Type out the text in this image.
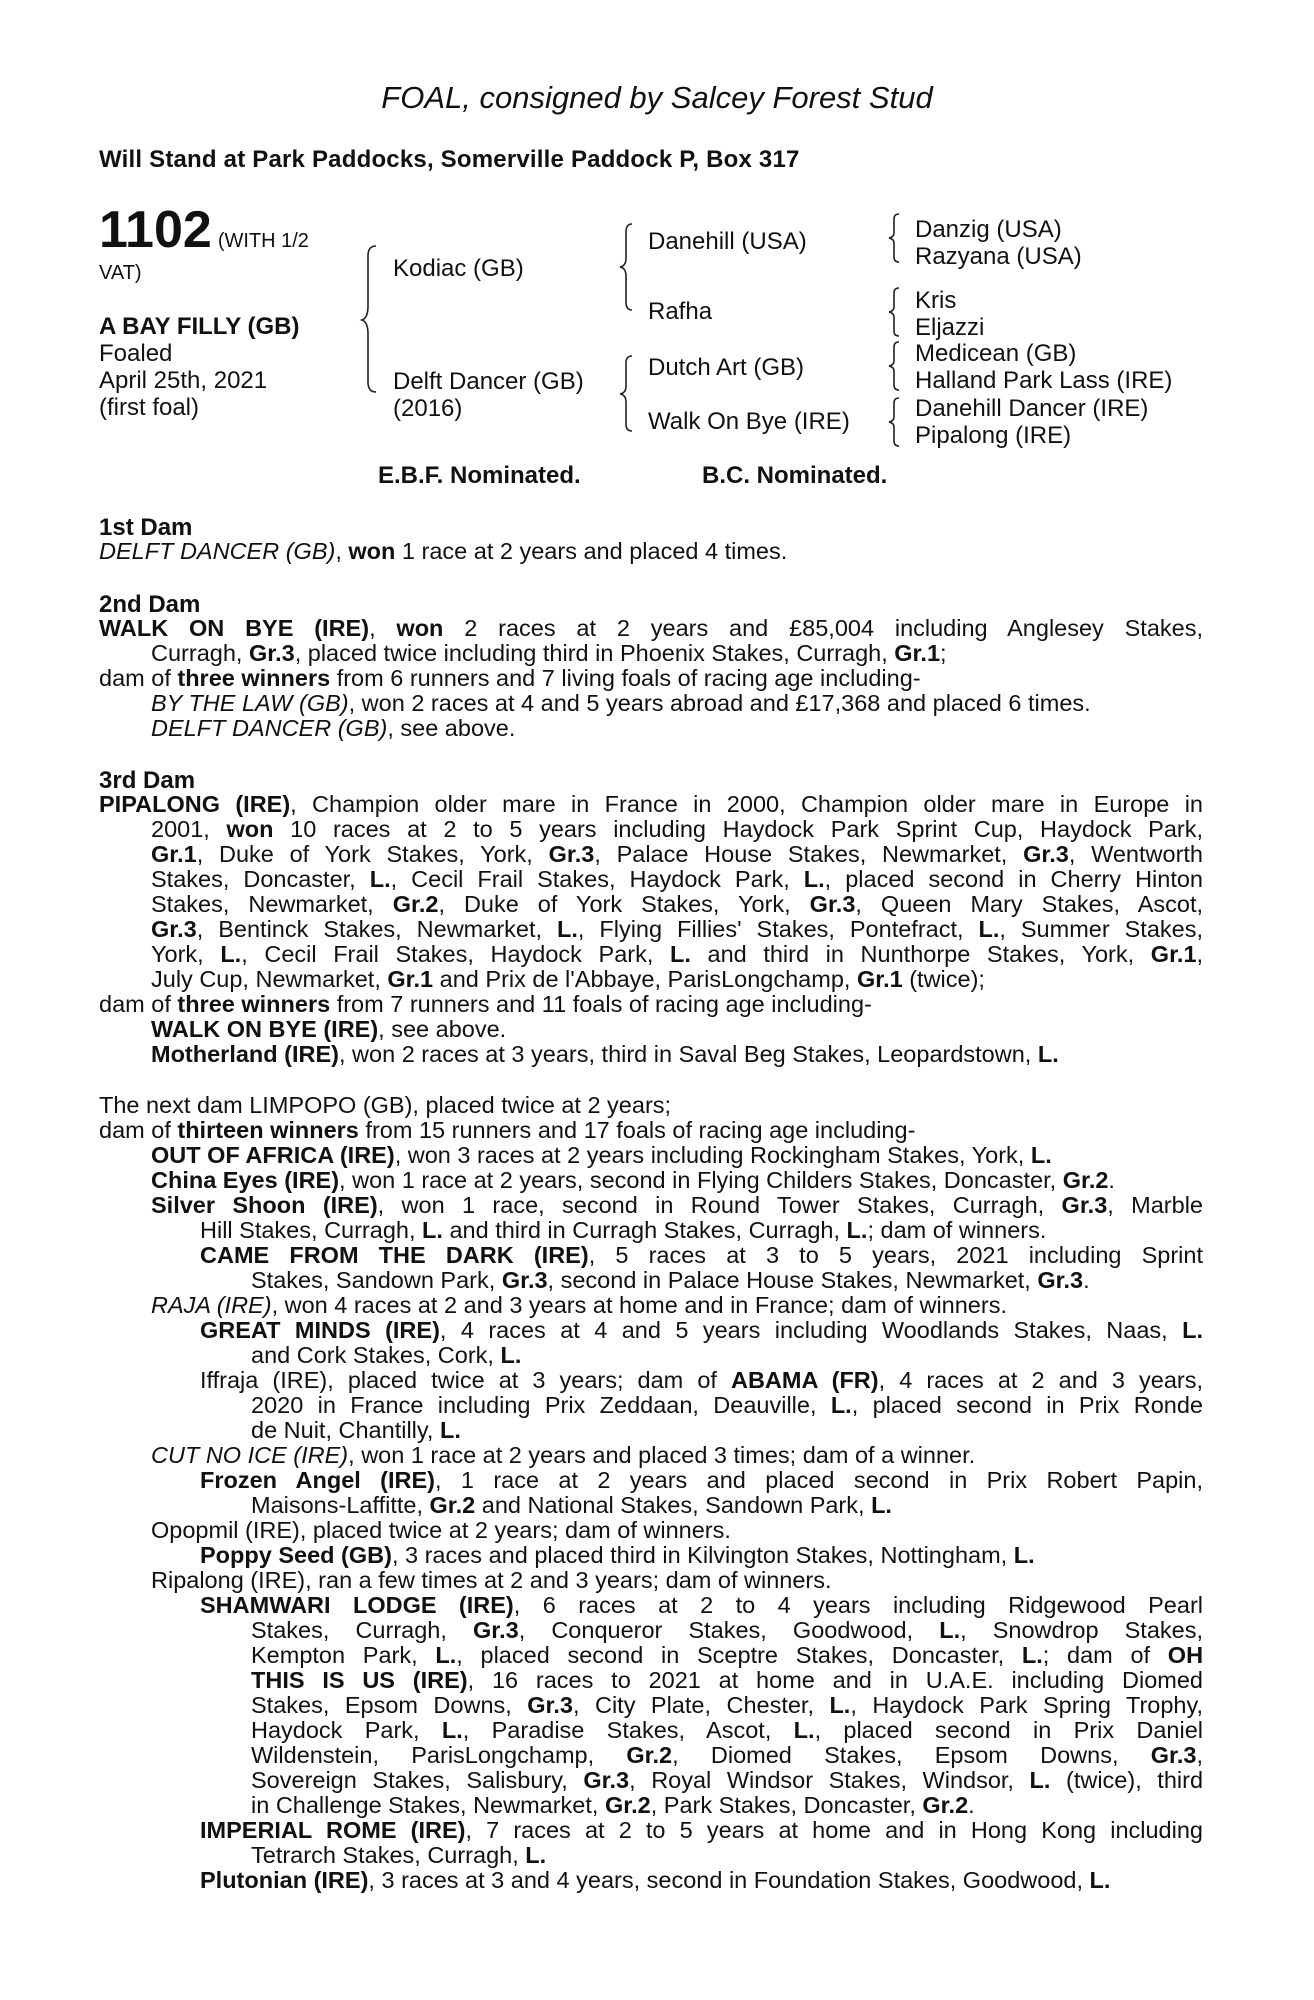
FOAL, consigned by Salcey Forest Stud
Will Stand at Park Paddocks, Somerville Paddock P, Box 317
1102 (WITH 1/2
VAT)
A BAY FILLY (GB)
Foaled
April 25th, 2021
(first foal)
Kodiac (GB)
Delft Dancer (GB)
(2016)
Danehill (USA)
Rafha
Dutch Art (GB)
Walk On Bye (IRE)
Danzig (USA)
Razyana (USA)
Kris
Eljazzi
Medicean (GB)
Halland Park Lass (IRE)
Danehill Dancer (IRE)
Pipalong (IRE)
E.B.F. Nominated.	B.C. Nominated.
1st Dam
DELFT DANCER (GB), won 1 race at 2 years and placed 4 times.
2nd Dam
WALK ON BYE (IRE), won 2 races at 2 years and £85,004 including Anglesey Stakes,
Curragh, Gr.3, placed twice including third in Phoenix Stakes, Curragh, Gr.1;
dam of three winners from 6 runners and 7 living foals of racing age including-
BY THE LAW (GB), won 2 races at 4 and 5 years abroad and £17,368 and placed 6 times.
DELFT DANCER (GB), see above.
3rd Dam
PIPALONG (IRE), Champion older mare in France in 2000, Champion older mare in Europe in
2001, won 10 races at 2 to 5 years including Haydock Park Sprint Cup, Haydock Park,
Gr.1, Duke of York Stakes, York, Gr.3, Palace House Stakes, Newmarket, Gr.3, Wentworth
Stakes, Doncaster, L., Cecil Frail Stakes, Haydock Park, L., placed second in Cherry Hinton
Stakes, Newmarket, Gr.2, Duke of York Stakes, York, Gr.3, Queen Mary Stakes, Ascot,
Gr.3, Bentinck Stakes, Newmarket, L., Flying Fillies' Stakes, Pontefract, L., Summer Stakes,
York, L., Cecil Frail Stakes, Haydock Park, L. and third in Nunthorpe Stakes, York, Gr.1,
July Cup, Newmarket, Gr.1 and Prix de l'Abbaye, ParisLongchamp, Gr.1 (twice);
dam of three winners from 7 runners and 11 foals of racing age including-
WALK ON BYE (IRE), see above.
Motherland (IRE), won 2 races at 3 years, third in Saval Beg Stakes, Leopardstown, L.
The next dam LIMPOPO (GB), placed twice at 2 years;
dam of thirteen winners from 15 runners and 17 foals of racing age including-
OUT OF AFRICA (IRE), won 3 races at 2 years including Rockingham Stakes, York, L.
China Eyes (IRE), won 1 race at 2 years, second in Flying Childers Stakes, Doncaster, Gr.2.
Silver Shoon (IRE), won 1 race, second in Round Tower Stakes, Curragh, Gr.3, Marble
Hill Stakes, Curragh, L. and third in Curragh Stakes, Curragh, L.; dam of winners.
CAME FROM THE DARK (IRE), 5 races at 3 to 5 years, 2021 including Sprint
Stakes, Sandown Park, Gr.3, second in Palace House Stakes, Newmarket, Gr.3.
RAJA (IRE), won 4 races at 2 and 3 years at home and in France; dam of winners.
GREAT MINDS (IRE), 4 races at 4 and 5 years including Woodlands Stakes, Naas, L.
and Cork Stakes, Cork, L.
Iffraja (IRE), placed twice at 3 years; dam of ABAMA (FR), 4 races at 2 and 3 years,
2020 in France including Prix Zeddaan, Deauville, L., placed second in Prix Ronde
de Nuit, Chantilly, L.
CUT NO ICE (IRE), won 1 race at 2 years and placed 3 times; dam of a winner.
Frozen Angel (IRE), 1 race at 2 years and placed second in Prix Robert Papin,
Maisons-Laffitte, Gr.2 and National Stakes, Sandown Park, L.
Opopmil (IRE), placed twice at 2 years; dam of winners.
Poppy Seed (GB), 3 races and placed third in Kilvington Stakes, Nottingham, L.
Ripalong (IRE), ran a few times at 2 and 3 years; dam of winners.
SHAMWARI LODGE (IRE), 6 races at 2 to 4 years including Ridgewood Pearl
Stakes, Curragh, Gr.3, Conqueror Stakes, Goodwood, L., Snowdrop Stakes,
Kempton Park, L., placed second in Sceptre Stakes, Doncaster, L.; dam of OH
THIS IS US (IRE), 16 races to 2021 at home and in U.A.E. including Diomed
Stakes, Epsom Downs, Gr.3, City Plate, Chester, L., Haydock Park Spring Trophy,
Haydock Park, L., Paradise Stakes, Ascot, L., placed second in Prix Daniel
Wildenstein, ParisLongchamp, Gr.2, Diomed Stakes, Epsom Downs, Gr.3,
Sovereign Stakes, Salisbury, Gr.3, Royal Windsor Stakes, Windsor, L. (twice), third
in Challenge Stakes, Newmarket, Gr.2, Park Stakes, Doncaster, Gr.2.
IMPERIAL ROME (IRE), 7 races at 2 to 5 years at home and in Hong Kong including
Tetrarch Stakes, Curragh, L.
Plutonian (IRE), 3 races at 3 and 4 years, second in Foundation Stakes, Goodwood, L.
